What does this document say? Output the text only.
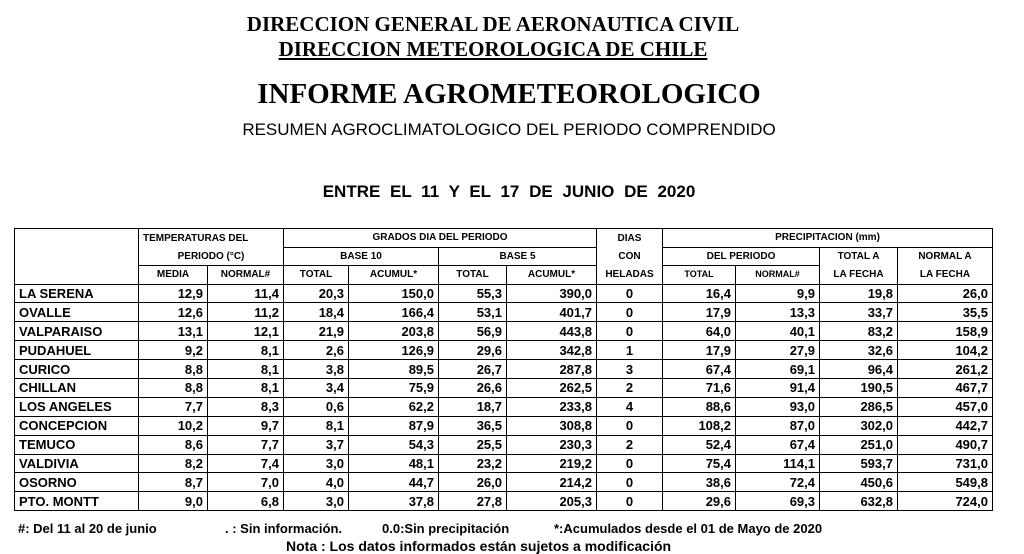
DIRECCION GENERAL DE AERONAUTICA CIVIL
DIRECCION METEOROLOGICA DE CHILE
INFORME AGROMETEOROLOGICO
RESUMEN AGROCLIMATOLOGICO DEL PERIODO COMPRENDIDO
ENTRE EL 11 Y EL 17 DE JUNIO DE 2020
	TEMPERATURAS DEL		GRADOS DIA DEL PERIODO				DIAS	PRECIPITACION (mm)			
	PERIODO (°C)		BASE 10		BASE 5		CON	DEL PERIODO		TOTAL A	NORMAL A
	MEDIA	NORMAL#	TOTAL	ACUMUL*	TOTAL	ACUMUL*	HELADAS	TOTAL	NORMAL#	LA FECHA	LA FECHA
LA SERENA	12,9	11,4	20,3	150,0	55,3	390,0	0	16,4	9,9	19,8	26,0
OVALLE	12,6	11,2	18,4	166,4	53,1	401,7	0	17,9	13,3	33,7	35,5
VALPARAISO	13,1	12,1	21,9	203,8	56,9	443,8	0	64,0	40,1	83,2	158,9
PUDAHUEL	9,2	8,1	2,6	126,9	29,6	342,8	1	17,9	27,9	32,6	104,2
CURICO	8,8	8,1	3,8	89,5	26,7	287,8	3	67,4	69,1	96,4	261,2
CHILLAN	8,8	8,1	3,4	75,9	26,6	262,5	2	71,6	91,4	190,5	467,7
LOS ANGELES	7,7	8,3	0,6	62,2	18,7	233,8	4	88,6	93,0	286,5	457,0
CONCEPCION	10,2	9,7	8,1	87,9	36,5	308,8	0	108,2	87,0	302,0	442,7
TEMUCO	8,6	7,7	3,7	54,3	25,5	230,3	2	52,4	67,4	251,0	490,7
VALDIVIA	8,2	7,4	3,0	48,1	23,2	219,2	0	75,4	114,1	593,7	731,0
OSORNO	8,7	7,0	4,0	44,7	26,0	214,2	0	38,6	72,4	450,6	549,8
PTO. MONTT	9,0	6,8	3,0	37,8	27,8	205,3	0	29,6	69,3	632,8	724,0
#: Del 11 al 20 de junio	. : Sin información.	0.0:Sin precipitación	*:Acumulados desde el 01 de Mayo de 2020
Nota : Los datos informados están sujetos a modificación
